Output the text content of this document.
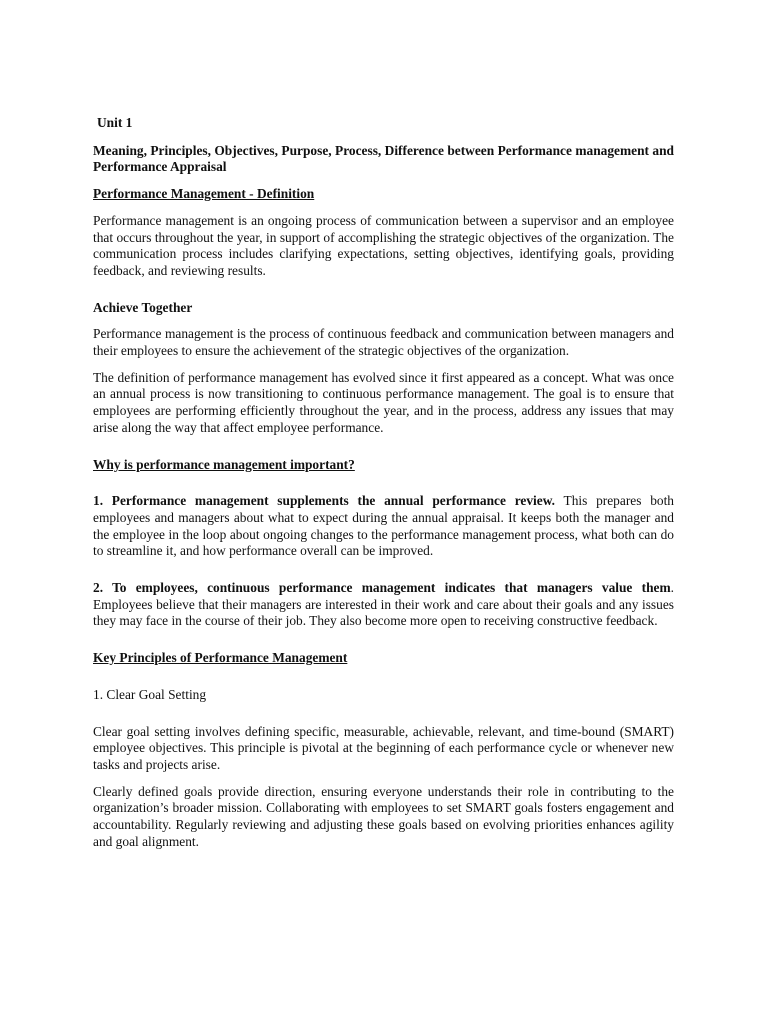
Unit 1

Meaning, Principles, Objectives, Purpose, Process, Difference between Performance management and Performance Appraisal

Performance Management - Definition

Performance management is an ongoing process of communication between a supervisor and an employee that occurs throughout the year, in support of accomplishing the strategic objectives of the organization. The communication process includes clarifying expectations, setting objectives, identifying goals, providing feedback, and reviewing results.

Achieve Together

Performance management is the process of continuous feedback and communication between managers and their employees to ensure the achievement of the strategic objectives of the organization.

The definition of performance management has evolved since it first appeared as a concept. What was once an annual process is now transitioning to continuous performance management. The goal is to ensure that employees are performing efficiently throughout the year, and in the process, address any issues that may arise along the way that affect employee performance.

Why is performance management important?

1. Performance management supplements the annual performance review. This prepares both employees and managers about what to expect during the annual appraisal. It keeps both the manager and the employee in the loop about ongoing changes to the performance management process, what both can do to streamline it, and how performance overall can be improved.

2. To employees, continuous performance management indicates that managers value them. Employees believe that their managers are interested in their work and care about their goals and any issues they may face in the course of their job. They also become more open to receiving constructive feedback.

Key Principles of Performance Management

1. Clear Goal Setting

Clear goal setting involves defining specific, measurable, achievable, relevant, and time-bound (SMART) employee objectives. This principle is pivotal at the beginning of each performance cycle or whenever new tasks and projects arise.

Clearly defined goals provide direction, ensuring everyone understands their role in contributing to the organization’s broader mission. Collaborating with employees to set SMART goals fosters engagement and accountability. Regularly reviewing and adjusting these goals based on evolving priorities enhances agility and goal alignment.
